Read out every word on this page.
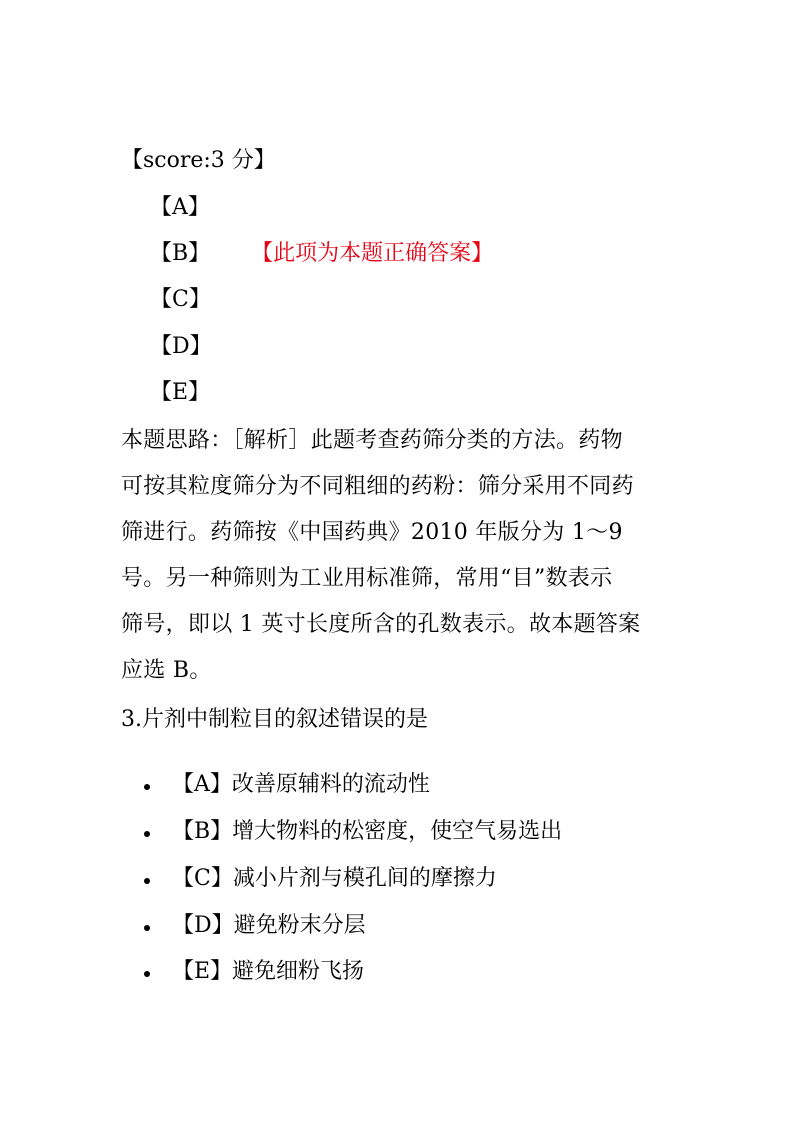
【score:3 分】
【A】
【B】 【此项为本题正确答案】
【C】
【D】
【E】
本题思路：［解析］此题考查药筛分类的方法。药物
可按其粒度筛分为不同粗细的药粉：筛分采用不同药
筛进行。药筛按《中国药典》2010 年版分为 1～9
号。另一种筛则为工业用标准筛，常用“目”数表示
筛号，即以 1 英寸长度所含的孔数表示。故本题答案
应选 B。
3.片剂中制粒目的叙述错误的是
【A】改善原辅料的流动性
【B】增大物料的松密度，使空气易选出
【C】减小片剂与模孔间的摩擦力
【D】避免粉末分层
【E】避免细粉飞扬
